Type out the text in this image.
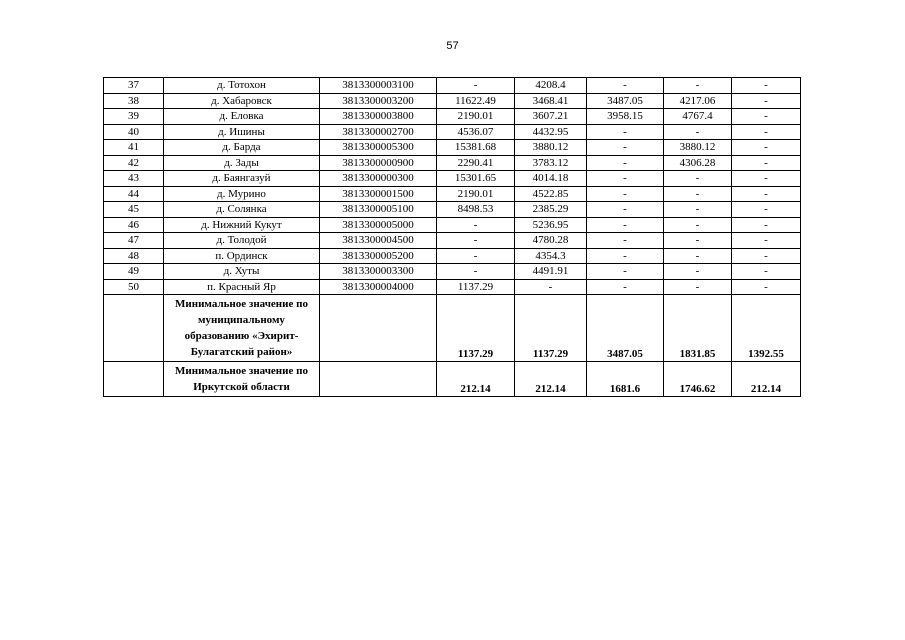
57
37	д. Тотохон	3813300003100	-	4208.4	-	-	-
38	д. Хабаровск	3813300003200	11622.49	3468.41	3487.05	4217.06	-
39	д. Еловка	3813300003800	2190.01	3607.21	3958.15	4767.4	-
40	д. Ишины	3813300002700	4536.07	4432.95	-	-	-
41	д. Барда	3813300005300	15381.68	3880.12	-	3880.12	-
42	д. Зады	3813300000900	2290.41	3783.12	-	4306.28	-
43	д. Баянгазуй	3813300000300	15301.65	4014.18	-	-	-
44	д. Мурино	3813300001500	2190.01	4522.85	-	-	-
45	д. Солянка	3813300005100	8498.53	2385.29	-	-	-
46	д. Нижний Кукут	3813300005000	-	5236.95	-	-	-
47	д. Толодой	3813300004500	-	4780.28	-	-	-
48	п. Ординск	3813300005200	-	4354.3	-	-	-
49	д. Хуты	3813300003300	-	4491.91	-	-	-
50	п. Красный Яр	3813300004000	1137.29	-	-	-	-
	Минимальное значение по муниципальному образованию «Эхирит-Булагатский район»		1137.29	1137.29	3487.05	1831.85	1392.55
	Минимальное значение по Иркутской области		212.14	212.14	1681.6	1746.62	212.14
